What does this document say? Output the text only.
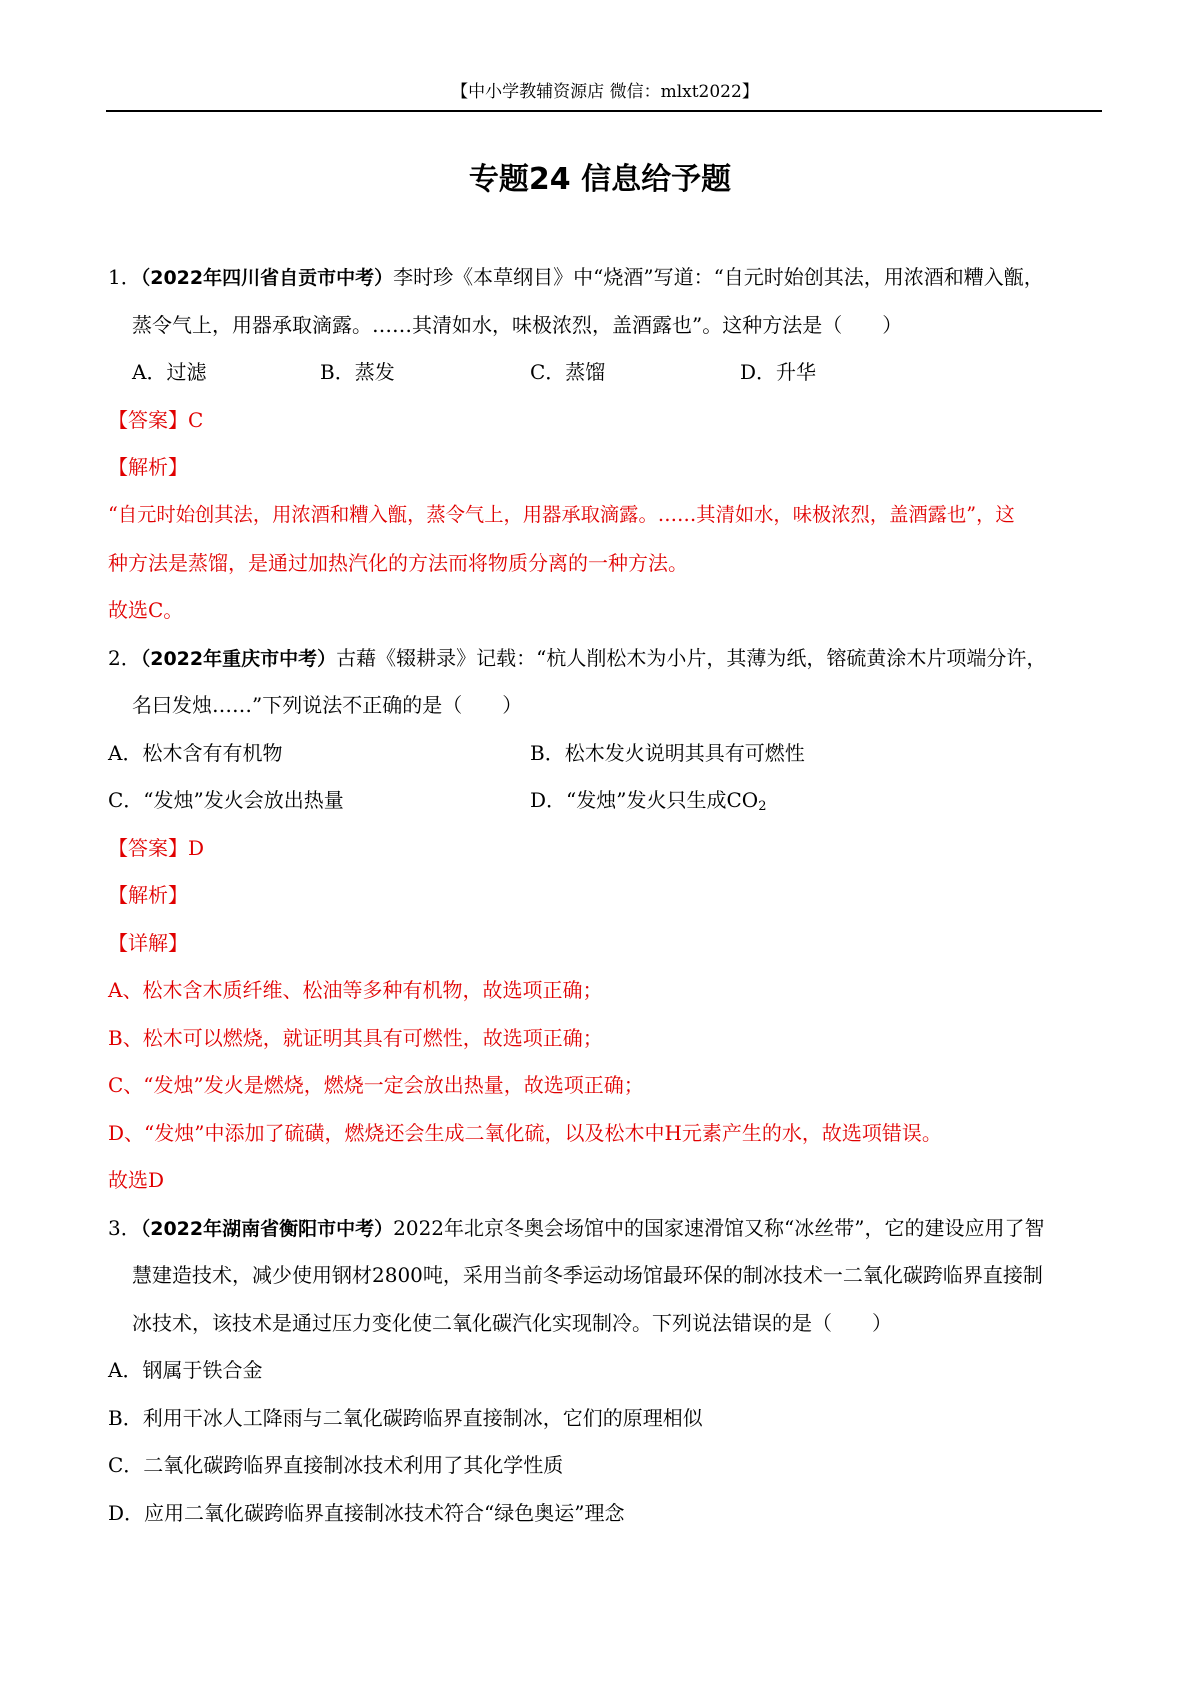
【中小学教辅资源店 微信：mlxt2022】
专题24 信息给予题
1．（2022年四川省自贡市中考）李时珍《本草纲目》中“烧酒”写道：“自元时始创其法，用浓酒和糟入甑，
蒸令气上，用器承取滴露。……其清如水，味极浓烈，盖酒露也”。这种方法是（　　）
A．过滤	B．蒸发	C．蒸馏	D．升华
【答案】C
【解析】
“自元时始创其法，用浓酒和糟入甑，蒸令气上，用器承取滴露。……其清如水，味极浓烈，盖酒露也”，这
种方法是蒸馏，是通过加热汽化的方法而将物质分离的一种方法。
故选C。
2．（2022年重庆市中考）古藉《辍耕录》记载：“杭人削松木为小片，其薄为纸，镕硫黄涂木片项端分许，
名曰发烛……”下列说法不正确的是（　　）
A．松木含有有机物	B．松木发火说明其具有可燃性
C．“发烛”发火会放出热量	D．“发烛”发火只生成$CO_2$
【答案】D
【解析】
【详解】
A、松木含木质纤维、松油等多种有机物，故选项正确；
B、松木可以燃烧，就证明其具有可燃性，故选项正确；
C、“发烛”发火是燃烧，燃烧一定会放出热量，故选项正确；
D、“发烛”中添加了硫磺，燃烧还会生成二氧化硫，以及松木中H元素产生的水，故选项错误。
故选D
3．（2022年湖南省衡阳市中考）2022年北京冬奥会场馆中的国家速滑馆又称“冰丝带”，它的建设应用了智
慧建造技术，减少使用钢材2800吨，采用当前冬季运动场馆最环保的制冰技术一二氧化碳跨临界直接制
冰技术，该技术是通过压力变化使二氧化碳汽化实现制冷。下列说法错误的是（　　）
A．钢属于铁合金
B．利用干冰人工降雨与二氧化碳跨临界直接制冰，它们的原理相似
C．二氧化碳跨临界直接制冰技术利用了其化学性质
D．应用二氧化碳跨临界直接制冰技术符合“绿色奥运”理念
